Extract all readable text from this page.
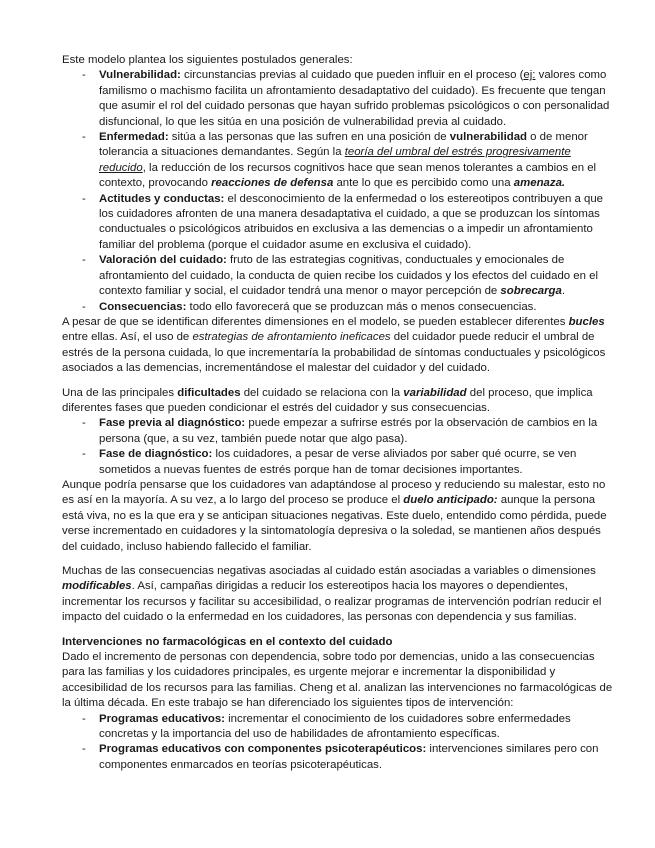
Este modelo plantea los siguientes postulados generales:

- Vulnerabilidad: circunstancias previas al cuidado que pueden influir en el proceso (ej: valores como familismo o machismo facilita un afrontamiento desadaptativo del cuidado). Es frecuente que tengan que asumir el rol del cuidado personas que hayan sufrido problemas psicológicos o con personalidad disfuncional, lo que les sitúa en una posición de vulnerabilidad previa al cuidado.
- Enfermedad: sitúa a las personas que las sufren en una posición de vulnerabilidad o de menor tolerancia a situaciones demandantes. Según la teoría del umbral del estrés progresivamente reducido, la reducción de los recursos cognitivos hace que sean menos tolerantes a cambios en el contexto, provocando reacciones de defensa ante lo que es percibido como una amenaza.
- Actitudes y conductas: el desconocimiento de la enfermedad o los estereotipos contribuyen a que los cuidadores afronten de una manera desadaptativa el cuidado, a que se produzcan los síntomas conductuales o psicológicos atribuidos en exclusiva a las demencias o a impedir un afrontamiento familiar del problema (porque el cuidador asume en exclusiva el cuidado).
- Valoración del cuidado: fruto de las estrategias cognitivas, conductuales y emocionales de afrontamiento del cuidado, la conducta de quien recibe los cuidados y los efectos del cuidado en el contexto familiar y social, el cuidador tendrá una menor o mayor percepción de sobrecarga.
- Consecuencias: todo ello favorecerá que se produzcan más o menos consecuencias.

A pesar de que se identifican diferentes dimensiones en el modelo, se pueden establecer diferentes bucles entre ellas. Así, el uso de estrategias de afrontamiento ineficaces del cuidador puede reducir el umbral de estrés de la persona cuidada, lo que incrementaría la probabilidad de síntomas conductuales y psicológicos asociados a las demencias, incrementándose el malestar del cuidador y del cuidado.

Una de las principales dificultades del cuidado se relaciona con la variabilidad del proceso, que implica diferentes fases que pueden condicionar el estrés del cuidador y sus consecuencias.

- Fase previa al diagnóstico: puede empezar a sufrirse estrés por la observación de cambios en la persona (que, a su vez, también puede notar que algo pasa).
- Fase de diagnóstico: los cuidadores, a pesar de verse aliviados por saber qué ocurre, se ven sometidos a nuevas fuentes de estrés porque han de tomar decisiones importantes.

Aunque podría pensarse que los cuidadores van adaptándose al proceso y reduciendo su malestar, esto no es así en la mayoría. A su vez, a lo largo del proceso se produce el duelo anticipado: aunque la persona está viva, no es la que era y se anticipan situaciones negativas. Este duelo, entendido como pérdida, puede verse incrementado en cuidadores y la sintomatología depresiva o la soledad, se mantienen años después del cuidado, incluso habiendo fallecido el familiar.

Muchas de las consecuencias negativas asociadas al cuidado están asociadas a variables o dimensiones modificables. Así, campañas dirigidas a reducir los estereotipos hacia los mayores o dependientes, incrementar los recursos y facilitar su accesibilidad, o realizar programas de intervención podrían reducir el impacto del cuidado o la enfermedad en los cuidadores, las personas con dependencia y sus familias.

Intervenciones no farmacológicas en el contexto del cuidado

Dado el incremento de personas con dependencia, sobre todo por demencias, unido a las consecuencias para las familias y los cuidadores principales, es urgente mejorar e incrementar la disponibilidad y accesibilidad de los recursos para las familias. Cheng et al. analizan las intervenciones no farmacológicas de la última década. En este trabajo se han diferenciado los siguientes tipos de intervención:

- Programas educativos: incrementar el conocimiento de los cuidadores sobre enfermedades concretas y la importancia del uso de habilidades de afrontamiento específicas.
- Programas educativos con componentes psicoterapéuticos: intervenciones similares pero con componentes enmarcados en teorías psicoterapéuticas.
